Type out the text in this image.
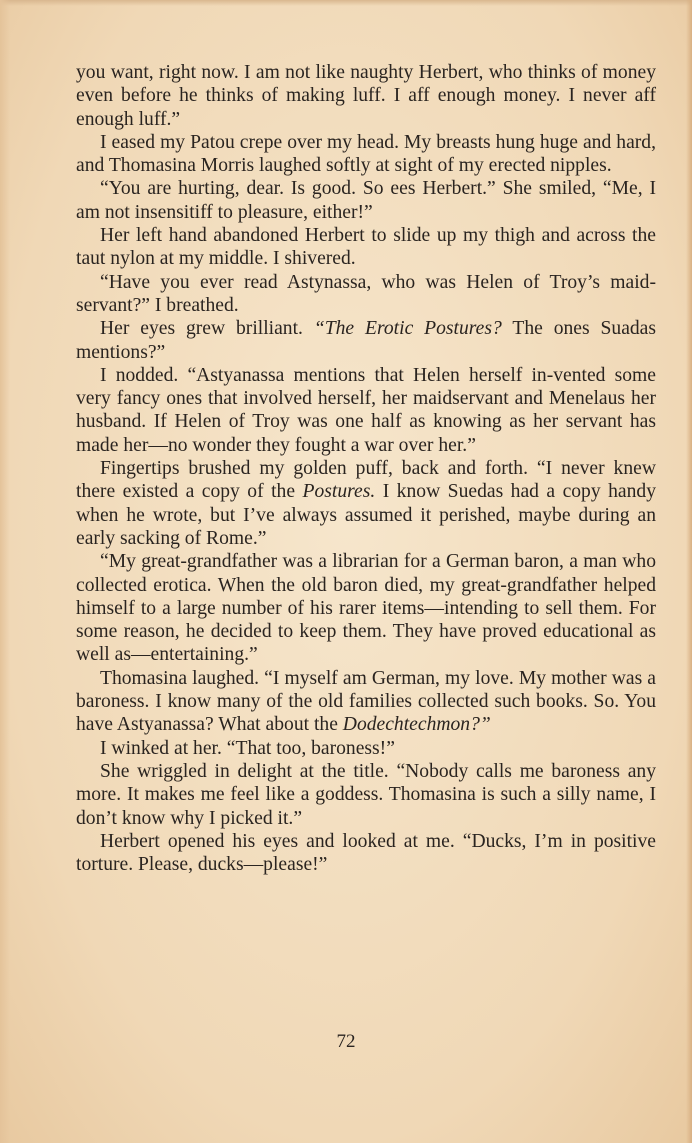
you want, right now. I am not like naughty Herbert, who thinks of money even before he thinks of making luff. I aff enough money. I never aff enough luff.”

I eased my Patou crepe over my head. My breasts hung huge and hard, and Thomasina Morris laughed softly at sight of my erected nipples.

“You are hurting, dear. Is good. So ees Herbert.” She smiled, “Me, I am not insensitiff to pleasure, either!”

Her left hand abandoned Herbert to slide up my thigh and across the taut nylon at my middle. I shivered.

“Have you ever read Astynassa, who was Helen of Troy’s maid-servant?” I breathed.

Her eyes grew brilliant. “The Erotic Postures? The ones Suadas mentions?”

I nodded. “Astyanassa mentions that Helen herself in-vented some very fancy ones that involved herself, her maidservant and Menelaus her husband. If Helen of Troy was one half as knowing as her servant has made her—no wonder they fought a war over her.”

Fingertips brushed my golden puff, back and forth. “I never knew there existed a copy of the Postures. I know Suedas had a copy handy when he wrote, but I’ve always assumed it perished, maybe during an early sacking of Rome.”

“My great-grandfather was a librarian for a German baron, a man who collected erotica. When the old baron died, my great-grandfather helped himself to a large number of his rarer items—intending to sell them. For some reason, he decided to keep them. They have proved educational as well as—entertaining.”

Thomasina laughed. “I myself am German, my love. My mother was a baroness. I know many of the old families collected such books. So. You have Astyanassa? What about the Dodechtechmon?”

I winked at her. “That too, baroness!”

She wriggled in delight at the title. “Nobody calls me baroness any more. It makes me feel like a goddess. Thomasina is such a silly name, I don’t know why I picked it.”

Herbert opened his eyes and looked at me. “Ducks, I’m in positive torture. Please, ducks—please!”

72
